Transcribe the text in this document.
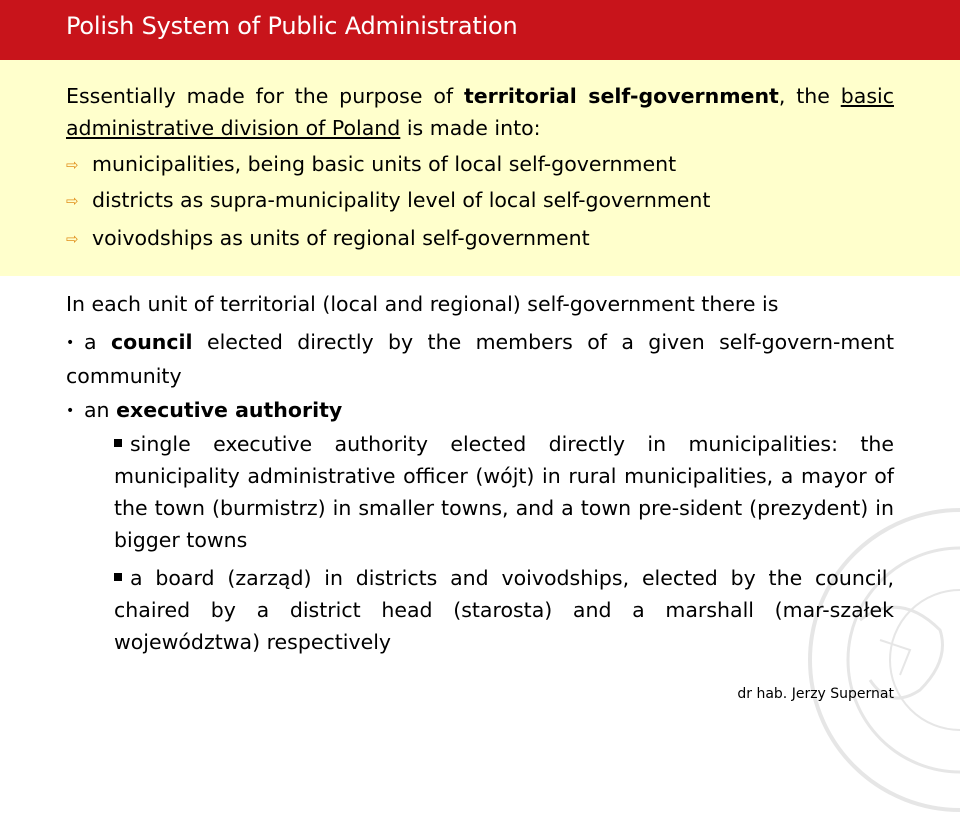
Polish System of Public Administration

Essentially made for the purpose of territorial self-government, the basic administrative division of Poland is made into:

⇨ municipalities, being basic units of local self-government
⇨ districts as supra-municipality level of local self-government
⇨ voivodships as units of regional self-government
In each unit of territorial (local and regional) self-government there is

• a council elected directly by the members of a given self-govern-ment community

• an executive authority

single executive authority elected directly in municipalities: the municipality administrative officer (wójt) in rural municipalities, a mayor of the town (burmistrz) in smaller towns, and a town pre-sident (prezydent) in bigger towns

a board (zarząd) in districts and voivodships, elected by the council, chaired by a district head (starosta) and a marshall (mar-szałek województwa) respectively

dr hab. Jerzy Supernat
